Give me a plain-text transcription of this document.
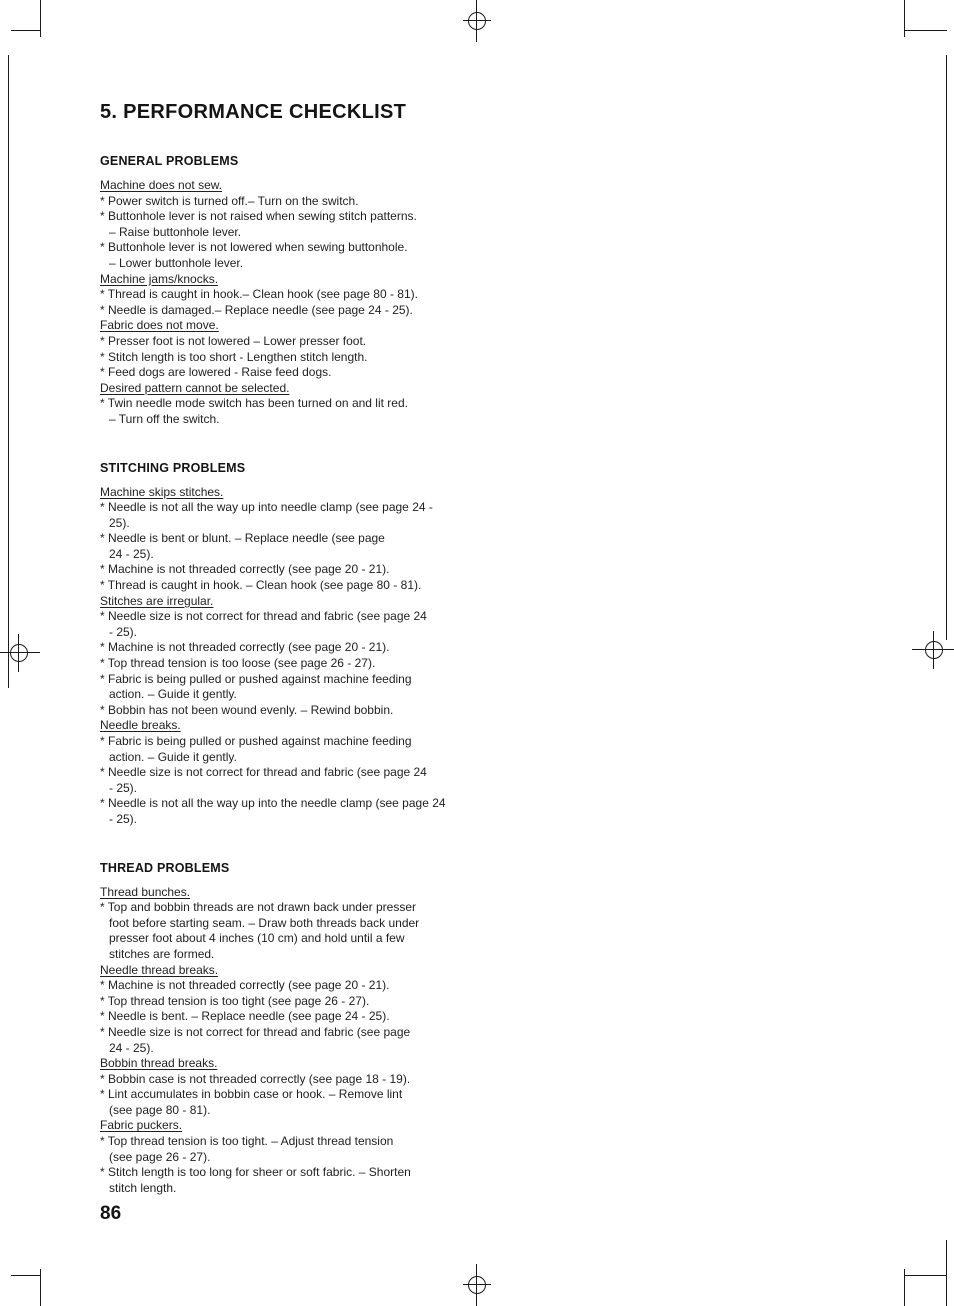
5. PERFORMANCE CHECKLIST
GENERAL PROBLEMS
Machine does not sew.
* Power switch is turned off.– Turn on the switch.
* Buttonhole lever is not raised when sewing stitch patterns.
– Raise buttonhole lever.
* Buttonhole lever is not lowered when sewing buttonhole.
– Lower buttonhole lever.
Machine jams/knocks.
* Thread is caught in hook.– Clean hook (see page 80 - 81).
* Needle is damaged.– Replace needle (see page 24 - 25).
Fabric does not move.
* Presser foot is not lowered – Lower presser foot.
* Stitch length is too short - Lengthen stitch length.
* Feed dogs are lowered - Raise feed dogs.
Desired pattern cannot be selected.
* Twin needle mode switch has been turned on and lit red.
– Turn off the switch.
STITCHING PROBLEMS
Machine skips stitches.
* Needle is not all the way up into needle clamp (see page 24 -
25).
* Needle is bent or blunt. – Replace needle (see page
24 - 25).
* Machine is not threaded correctly (see page 20 - 21).
* Thread is caught in hook. – Clean hook (see page 80 - 81).
Stitches are irregular.
* Needle size is not correct for thread and fabric (see page 24
- 25).
* Machine is not threaded correctly (see page 20 - 21).
* Top thread tension is too loose (see page 26 - 27).
* Fabric is being pulled or pushed against machine feeding
action. – Guide it gently.
* Bobbin has not been wound evenly. – Rewind bobbin.
Needle breaks.
* Fabric is being pulled or pushed against machine feeding
action. – Guide it gently.
* Needle size is not correct for thread and fabric (see page 24
- 25).
* Needle is not all the way up into the needle clamp (see page 24
- 25).
THREAD PROBLEMS
Thread bunches.
* Top and bobbin threads are not drawn back under presser
foot before starting seam. – Draw both threads back under
presser foot about 4 inches (10 cm) and hold until a few
stitches are formed.
Needle thread breaks.
* Machine is not threaded correctly (see page 20 - 21).
* Top thread tension is too tight (see page 26 - 27).
* Needle is bent. – Replace needle (see page 24 - 25).
* Needle size is not correct for thread and fabric (see page
24 - 25).
Bobbin thread breaks.
* Bobbin case is not threaded correctly (see page 18 - 19).
* Lint accumulates in bobbin case or hook. – Remove lint
(see page 80 - 81).
Fabric puckers.
* Top thread tension is too tight. – Adjust thread tension
(see page 26 - 27).
* Stitch length is too long for sheer or soft fabric. – Shorten
stitch length.
86
